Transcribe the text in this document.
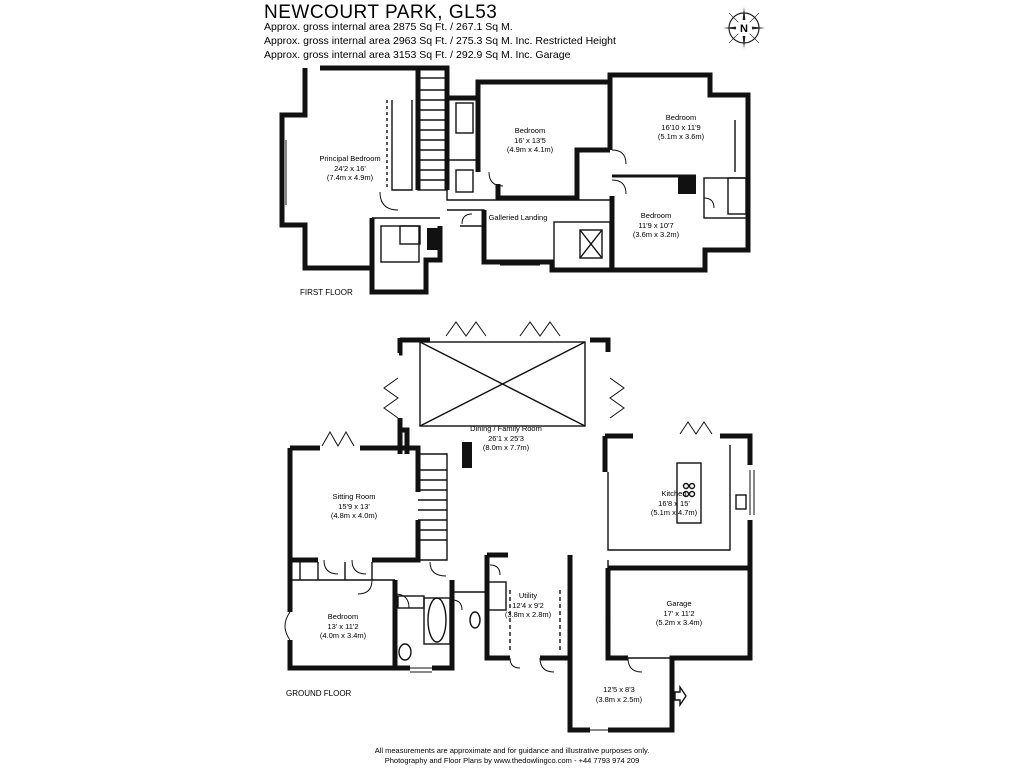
NEWCOURT PARK, GL53
Approx. gross internal area 2875 Sq Ft. / 267.1 Sq M.
Approx. gross internal area 2963 Sq Ft. / 275.3 Sq M. Inc. Restricted Height
Approx. gross internal area 3153 Sq Ft. / 292.9 Sq M. Inc. Garage
N
FIRST FLOOR
GROUND FLOOR
Principal Bedroom
24'2 x 16'
(7.4m x 4.9m)
Bedroom
16' x 13'5
(4.9m x 4.1m)
Bedroom
16'10 x 11'9
(5.1m x 3.6m)
Bedroom
11'9 x 10'7
(3.6m x 3.2m)
Galleried Landing
Dining / Family Room
26'1 x 25'3
(8.0m x 7.7m)
Sitting Room
15'9 x 13'
(4.8m x 4.0m)
Kitchen
16'8 x 15'
(5.1m x 4.7m)
Bedroom
13' x 11'2
(4.0m x 3.4m)
Utility
12'4 x 9'2
(3.8m x 2.8m)
Garage
17' x 11'2
(5.2m x 3.4m)
12'5 x 8'3
(3.8m x 2.5m)
All measurements are approximate and for guidance and illustrative purposes only.
Photography and Floor Plans by www.thedowlingco.com - +44 7793 974 209
